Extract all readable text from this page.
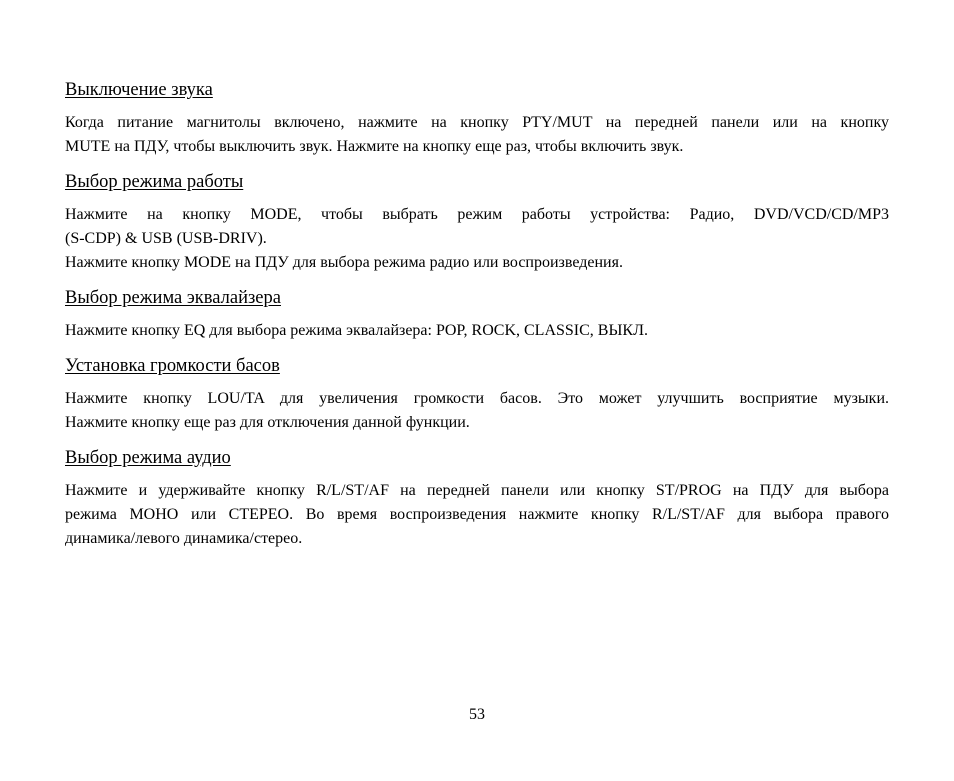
Выключение звука
Когда питание магнитолы включено, нажмите на кнопку PTY/MUT на передней панели или на кнопку
MUTE на ПДУ, чтобы выключить звук. Нажмите на кнопку еще раз, чтобы включить звук.
Выбор режима работы
Нажмите на кнопку MODE, чтобы выбрать режим работы устройства: Радио, DVD/VCD/CD/MP3
(S-CDP) & USB (USB-DRIV).
Нажмите кнопку MODE на ПДУ для выбора режима радио или воспроизведения.
Выбор режима эквалайзера
Нажмите кнопку EQ для выбора режима эквалайзера: POP, ROCK, CLASSIC, ВЫКЛ.
Установка громкости басов
Нажмите кнопку LOU/TA для увеличения громкости басов. Это может улучшить восприятие музыки.
Нажмите кнопку еще раз для отключения данной функции.
Выбор режима аудио
Нажмите и удерживайте кнопку R/L/ST/AF на передней панели или кнопку ST/PROG на ПДУ для выбора
режима МОНО или СТЕРЕО. Во время воспроизведения нажмите кнопку R/L/ST/AF для выбора правого
динамика/левого динамика/стерео.
53
